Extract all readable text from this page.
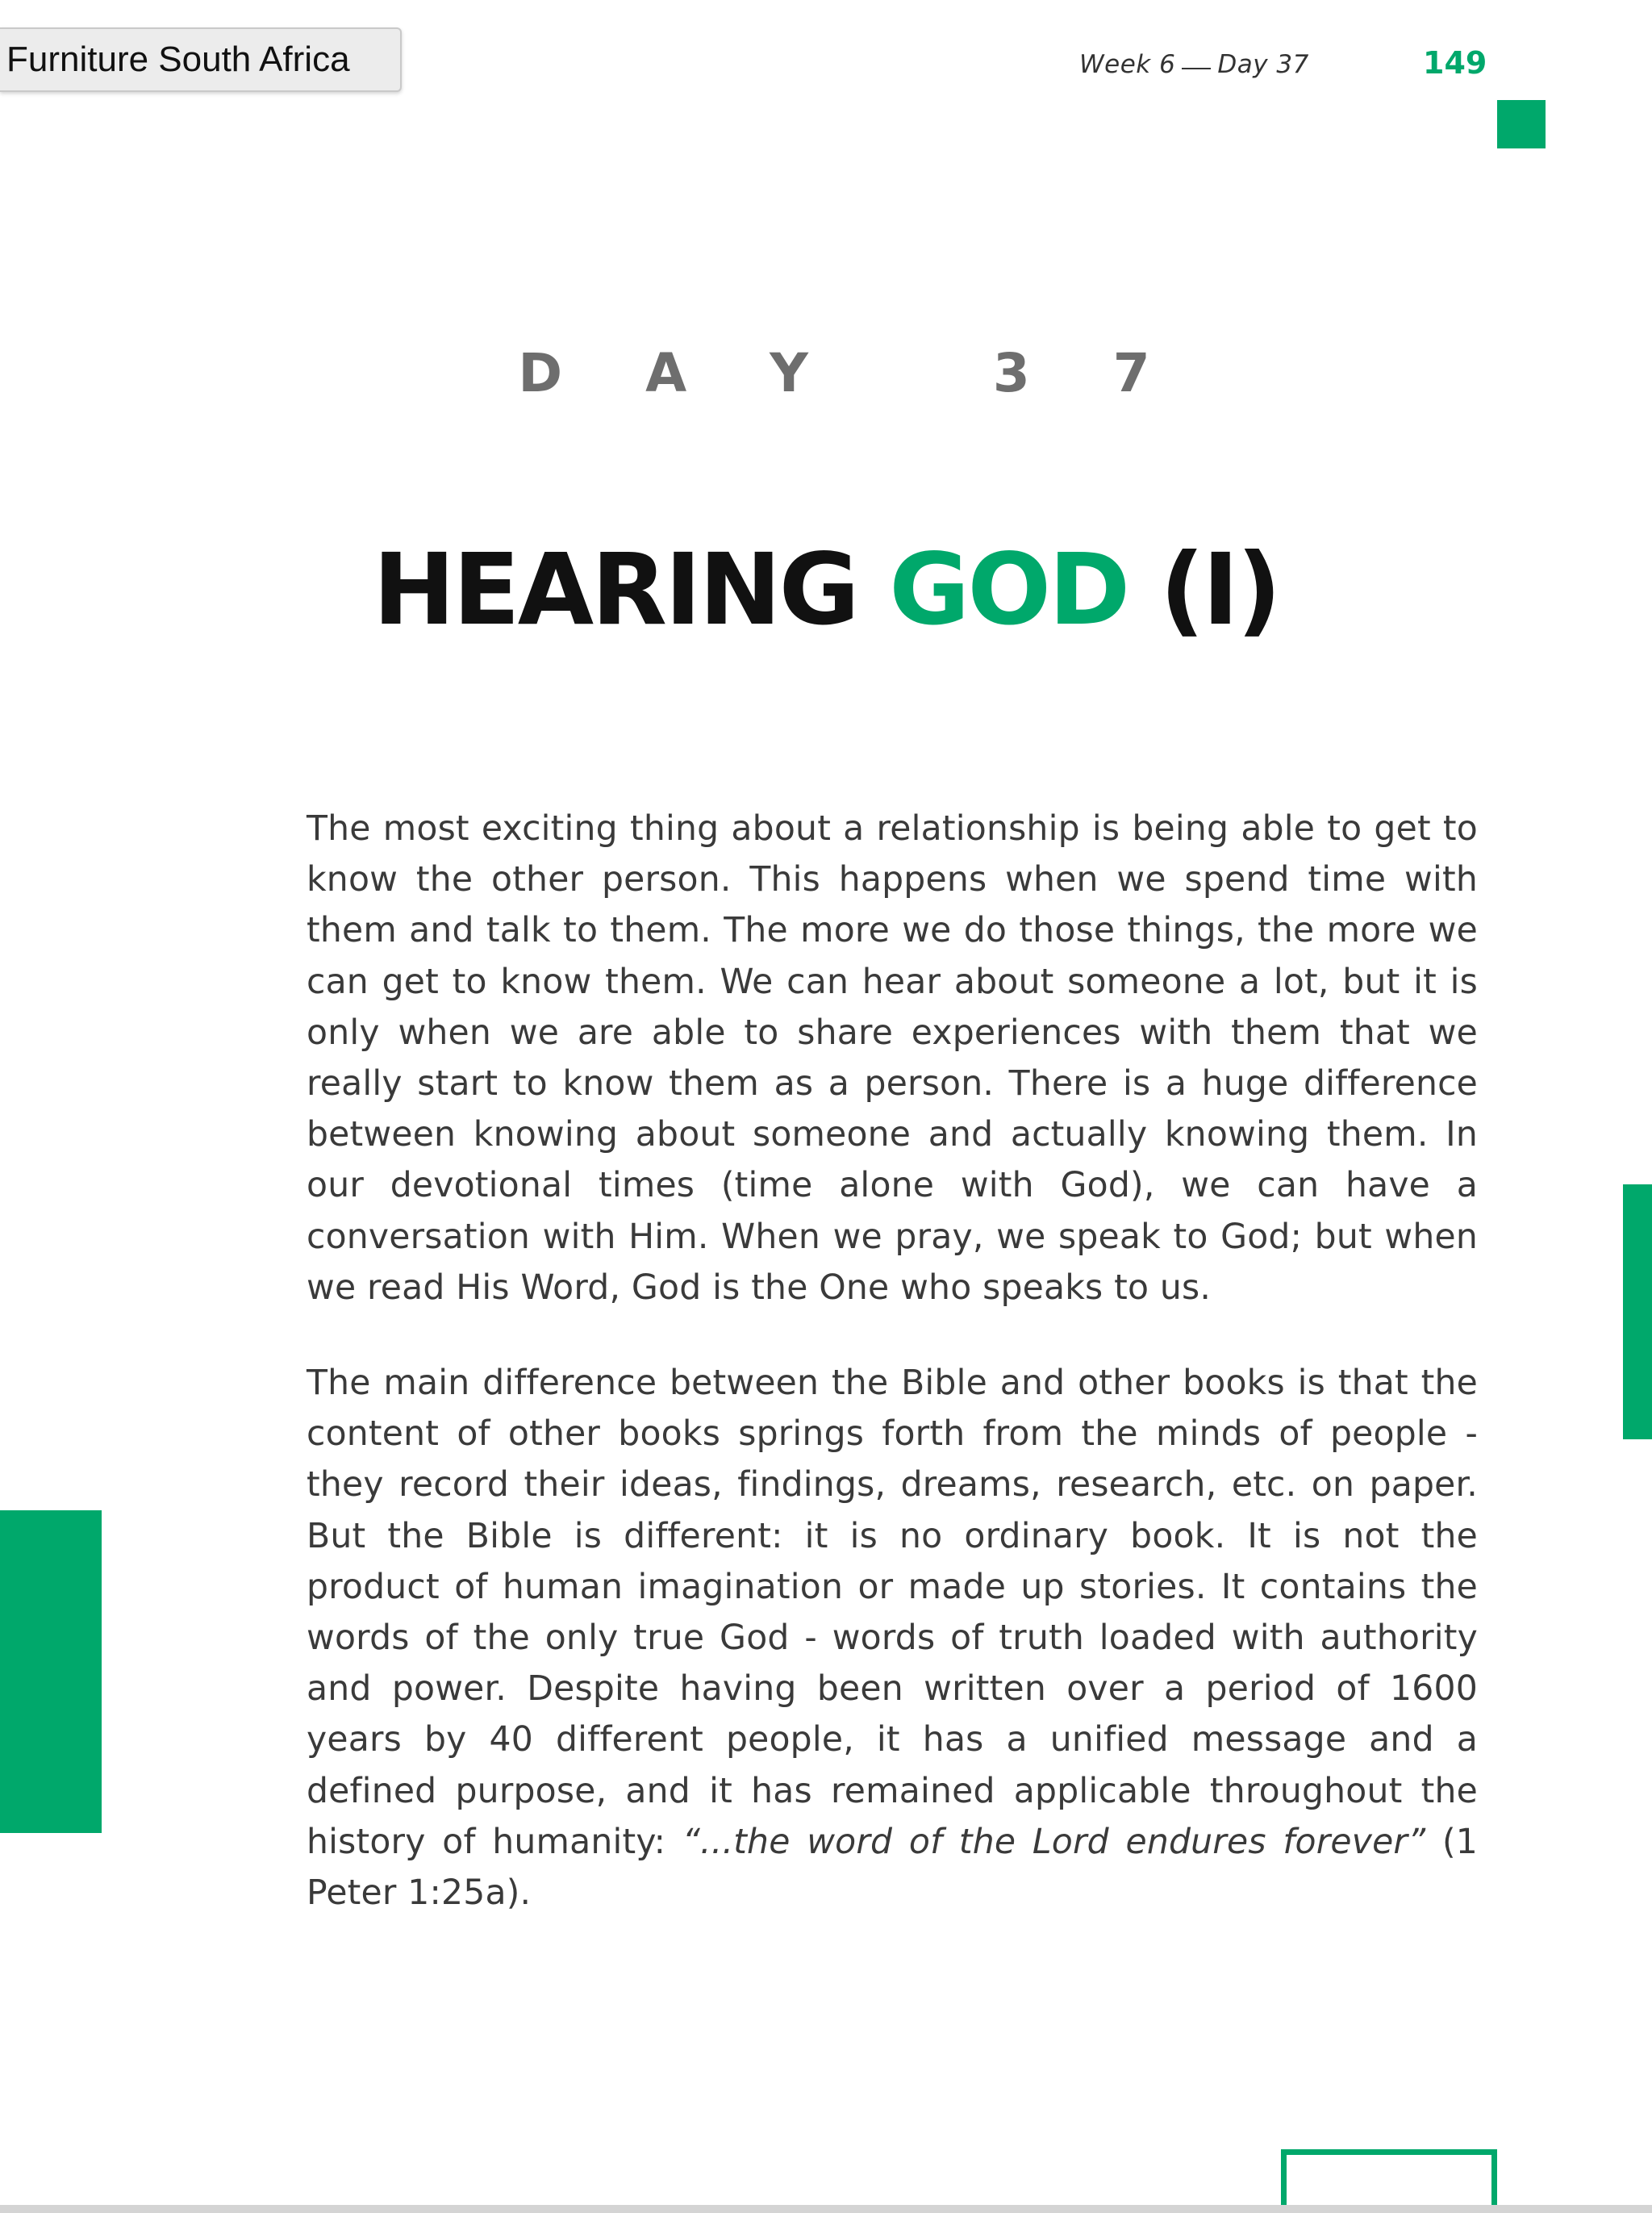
Furniture South Africa	Week 6 Day 37	149
D A Y   3 7
HEARING GOD (I)

The most exciting thing about a relationship is being able to get to know the other person. This happens when we spend time with them and talk to them. The more we do those things, the more we can get to know them. We can hear about someone a lot, but it is only when we are able to share experiences with them that we really start to know them as a person. There is a huge difference between knowing about someone and actually knowing them. In our devotional times (time alone with God), we can have a conversation with Him. When we pray, we speak to God; but when we read His Word, God is the One who speaks to us.

The main difference between the Bible and other books is that the content of other books springs forth from the minds of people - they record their ideas, findings, dreams, research, etc. on paper. But the Bible is different: it is no ordinary book. It is not the product of human imagination or made up stories. It contains the words of the only true God - words of truth loaded with authority and power. Despite having been written over a period of 1600 years by 40 different people, it has a unified message and a defined purpose, and it has remained applicable throughout the history of humanity: “...the word of the Lord endures forever” (1 Peter 1:25a).
